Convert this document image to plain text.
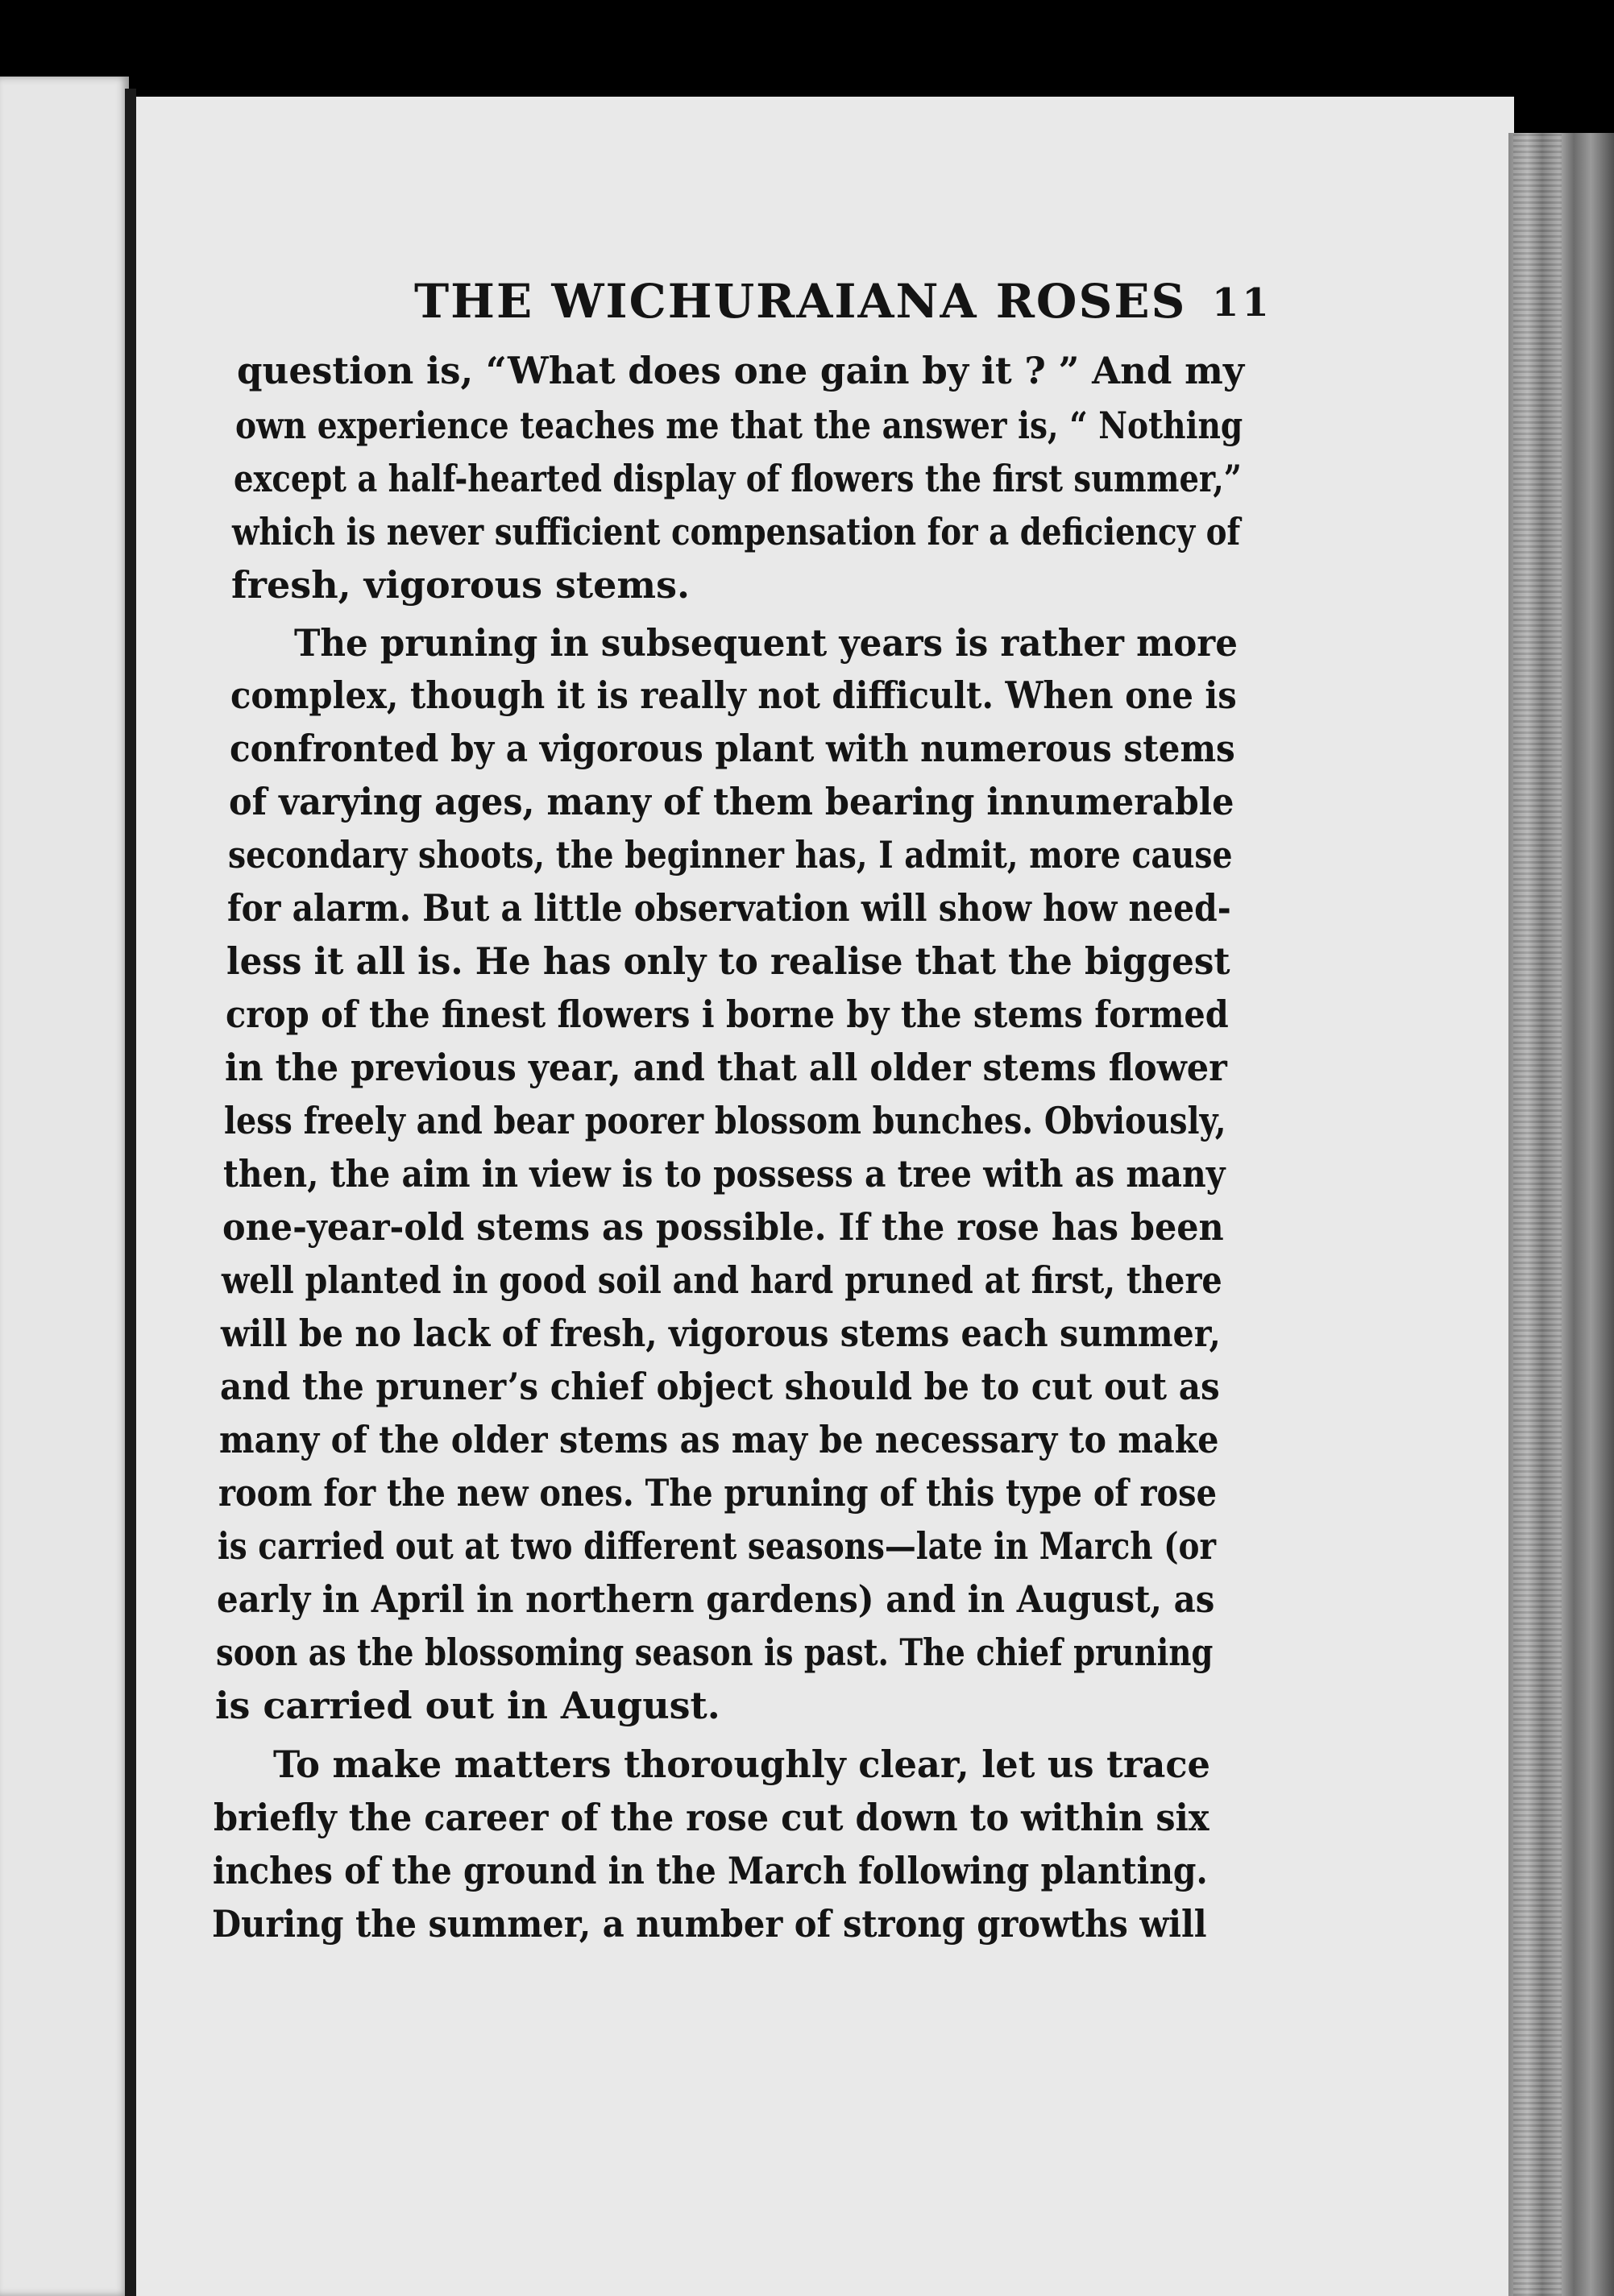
THE WICHURAIANA ROSES 11
question is, “What does one gain by it ? ” And my
own experience teaches me that the answer is, “ Nothing
except a half-hearted display of flowers the first summer,”
which is never sufficient compensation for a deficiency of
fresh, vigorous stems.
The pruning in subsequent years is rather more
complex, though it is really not difficult. When one is
confronted by a vigorous plant with numerous stems
of varying ages, many of them bearing innumerable
secondary shoots, the beginner has, I admit, more cause
for alarm. But a little observation will show how need-
less it all is. He has only to realise that the biggest
crop of the finest flowers i borne by the stems formed
in the previous year, and that all older stems flower
less freely and bear poorer blossom bunches. Obviously,
then, the aim in view is to possess a tree with as many
one-year-old stems as possible. If the rose has been
well planted in good soil and hard pruned at first, there
will be no lack of fresh, vigorous stems each summer,
and the pruner’s chief object should be to cut out as
many of the older stems as may be necessary to make
room for the new ones. The pruning of this type of rose
is carried out at two different seasons—late in March (or
early in April in northern gardens) and in August, as
soon as the blossoming season is past. The chief pruning
is carried out in August.
To make matters thoroughly clear, let us trace
briefly the career of the rose cut down to within six
inches of the ground in the March following planting.
During the summer, a number of strong growths will
